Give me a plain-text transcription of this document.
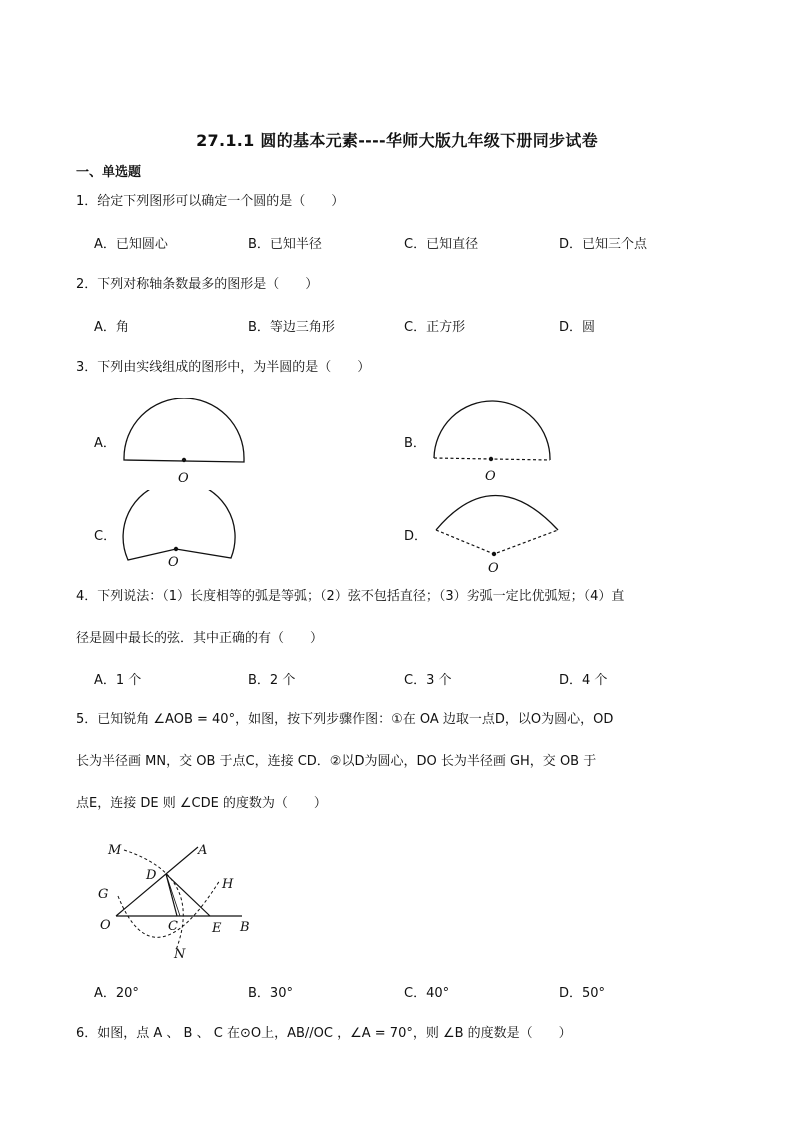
27.1.1 圆的基本元素----华师大版九年级下册同步试卷
一、单选题
1．给定下列图形可以确定一个圆的是（　　）
A．已知圆心	B．已知半径	C．已知直径	D．已知三个点
2．下列对称轴条数最多的图形是（　　）
A．角	B．等边三角形	C．正方形	D．圆
3．下列由实线组成的图形中，为半圆的是（　　）
A．
O
B．
O
C．
O
D．
O
4．下列说法：（1）长度相等的弧是等弧；（2）弦不包括直径；（3）劣弧一定比优弧短；（4）直
径是圆中最长的弦．其中正确的有（　　）
A．1 个	B．2 个	C．3 个	D．4 个
5．已知锐角 ∠AOB = 40°，如图，按下列步骤作图：①在 OA 边取一点D，以O为圆心，OD
长为半径画 MN，交 OB 于点C，连接 CD．②以D为圆心，DO 长为半径画 GH，交 OB 于
点E，连接 DE 则 ∠CDE 的度数为（　　）
M	A
D
H
G
O	C	E B
N
A．20°	B．30°	C．40°	D．50°
6．如图，点 A 、 B 、 C 在⊙O上，AB//OC ，∠A = 70°，则 ∠B 的度数是（　　）
